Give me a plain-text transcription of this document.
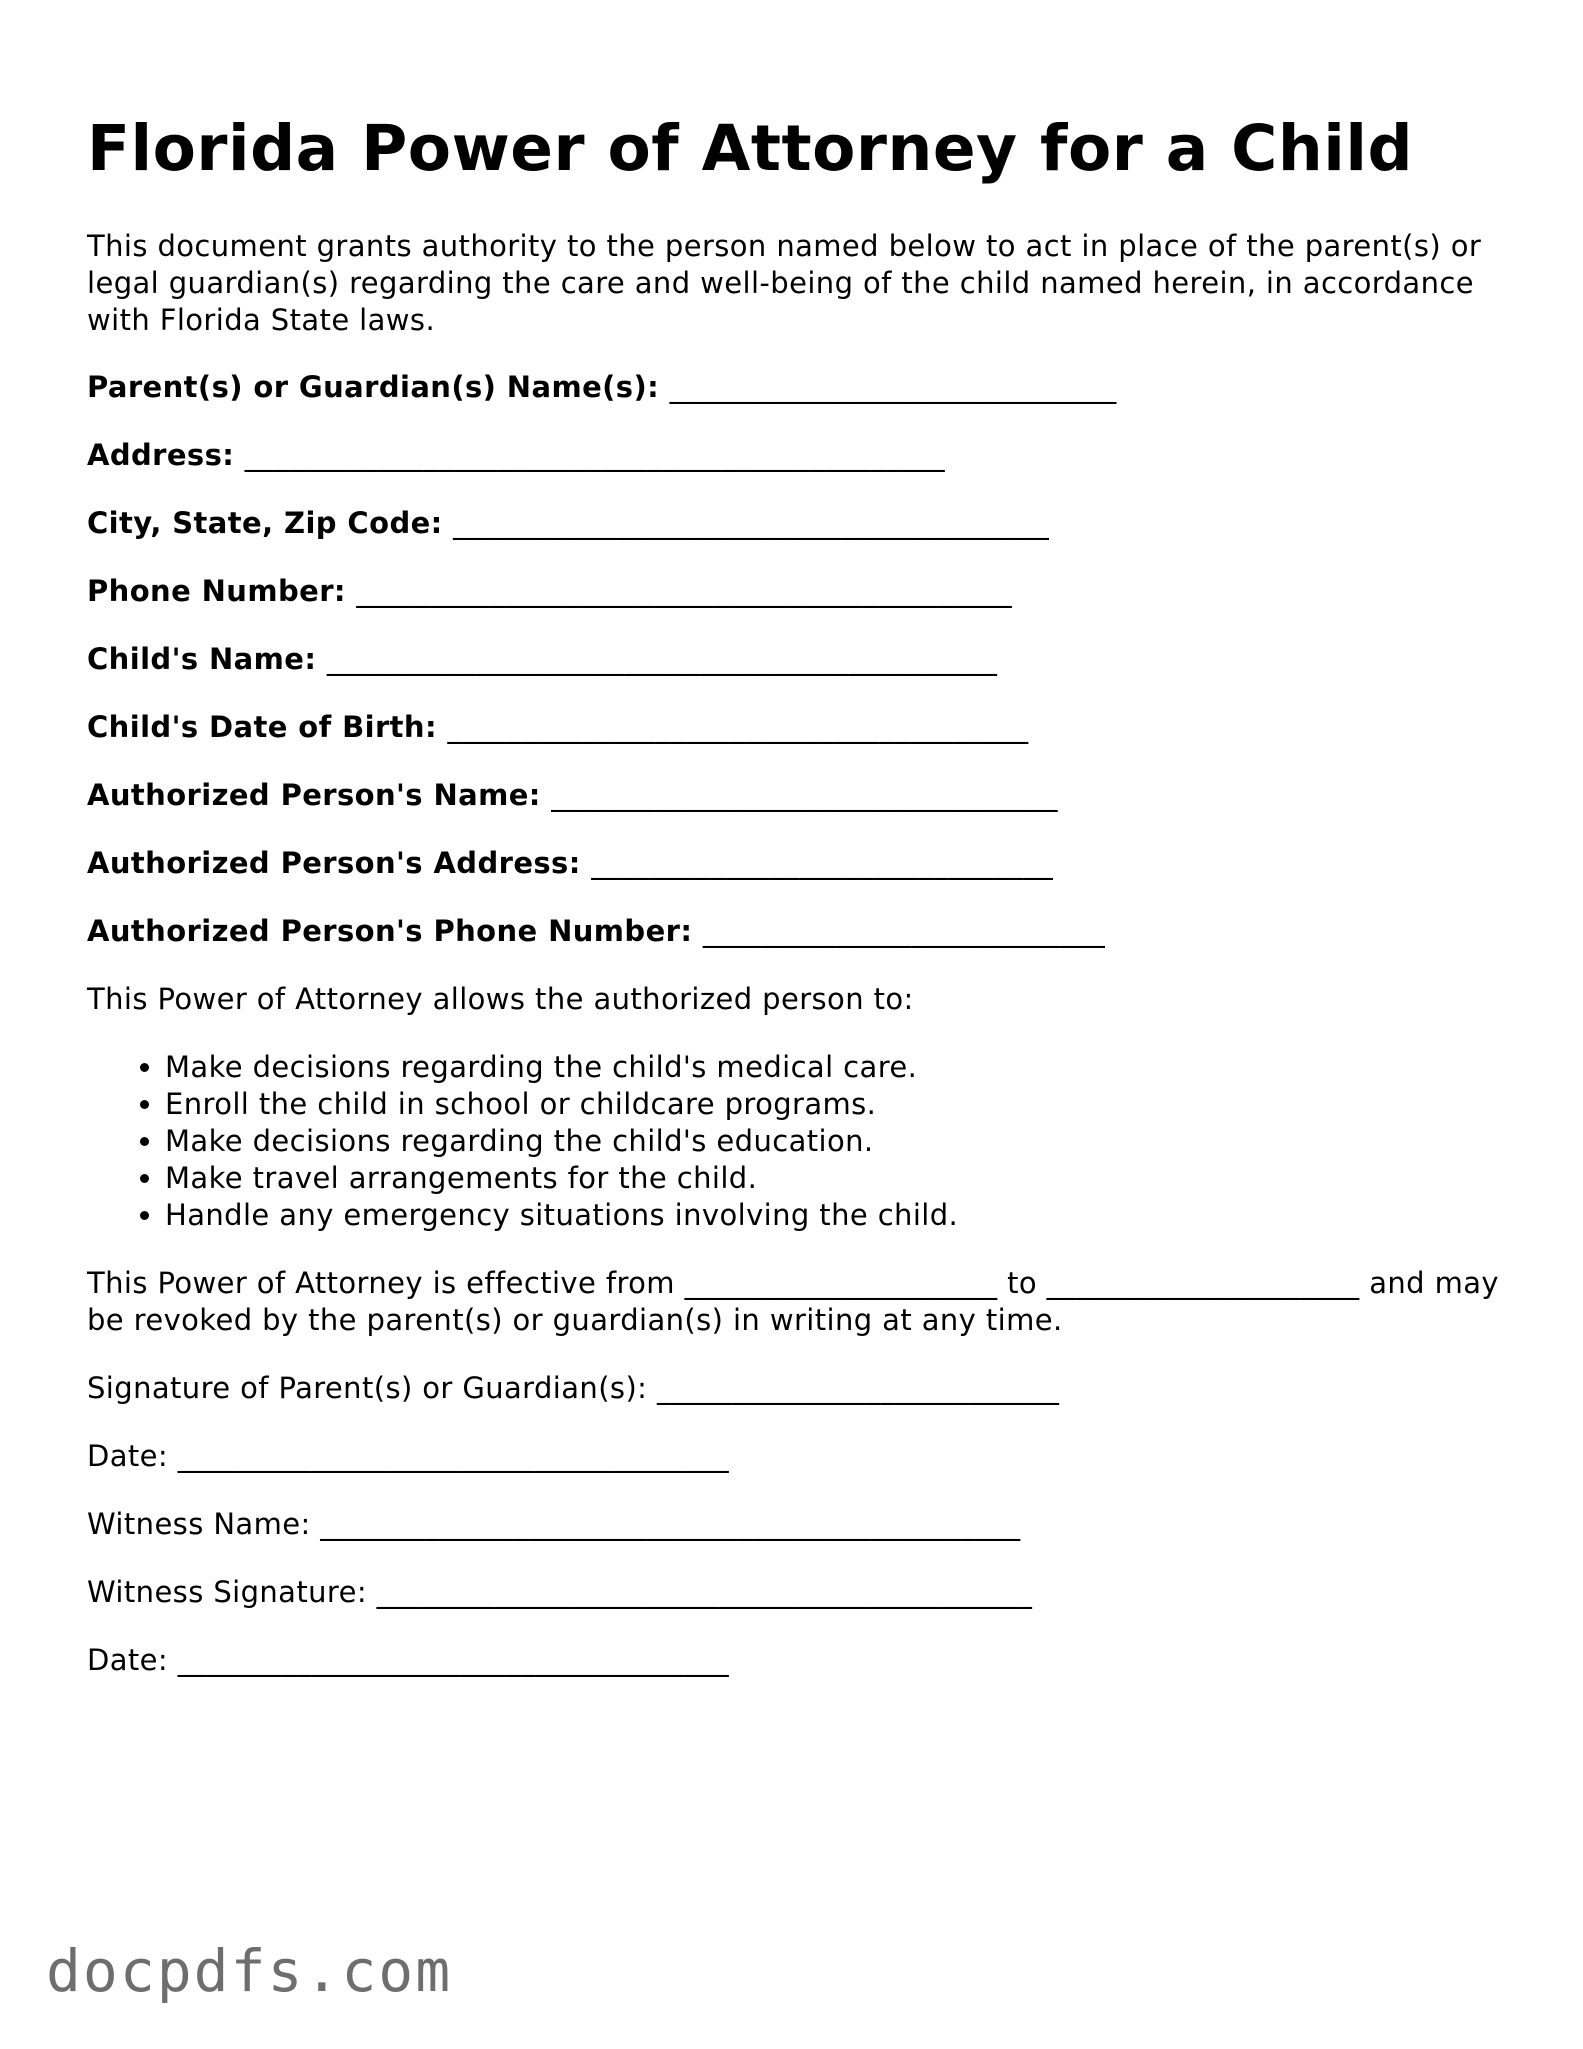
Florida Power of Attorney for a Child

This document grants authority to the person named below to act in place of the parent(s) or legal guardian(s) regarding the care and well-being of the child named herein, in accordance with Florida State laws.

Parent(s) or Guardian(s) Name(s): ______________________________
Address: _______________________________________________
City, State, Zip Code: ________________________________________
Phone Number: ____________________________________________
Child's Name: _____________________________________________
Child's Date of Birth: _______________________________________
Authorized Person's Name: __________________________________
Authorized Person's Address: _______________________________
Authorized Person's Phone Number: ___________________________

This Power of Attorney allows the authorized person to:

• Make decisions regarding the child's medical care.
• Enroll the child in school or childcare programs.
• Make decisions regarding the child's education.
• Make travel arrangements for the child.
• Handle any emergency situations involving the child.

This Power of Attorney is effective from _____________________ to _____________________ and may be revoked by the parent(s) or guardian(s) in writing at any time.

Signature of Parent(s) or Guardian(s): ___________________________
Date: _____________________________________
Witness Name: _______________________________________________
Witness Signature: ____________________________________________
Date: _____________________________________
docpdfs.com
